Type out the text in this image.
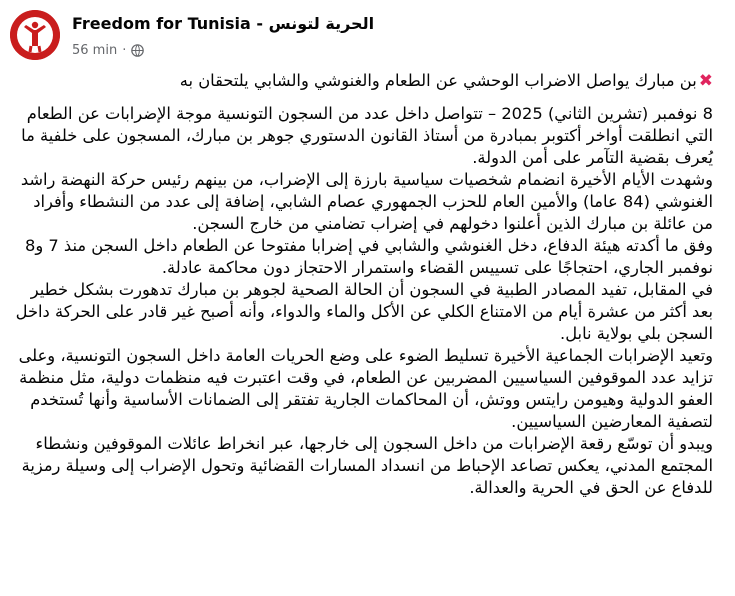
Freedom for Tunisia - الحرية لتونس
56 min ·

✖
بن مبارك يواصل الاضراب الوحشي عن الطعام والغنوشي والشابي يلتحقان به

8 نوفمبر (تشرين الثاني) 2025 – تتواصل داخل عدد من السجون التونسية موجة الإضرابات عن الطعام التي انطلقت أواخر أكتوبر بمبادرة من أستاذ القانون الدستوري جوهر بن مبارك، المسجون على خلفية ما يُعرف بقضية التآمر على أمن الدولة.

وشهدت الأيام الأخيرة انضمام شخصيات سياسية بارزة إلى الإضراب، من بينهم رئيس حركة النهضة راشد الغنوشي (84 عاما) والأمين العام للحزب الجمهوري عصام الشابي، إضافة إلى عدد من النشطاء وأفراد من عائلة بن مبارك الذين أعلنوا دخولهم في إضراب تضامني من خارج السجن.

وفق ما أكدته هيئة الدفاع، دخل الغنوشي والشابي في إضرابا مفتوحا عن الطعام داخل السجن منذ 7 و8 نوفمبر الجاري، احتجاجًا على تسييس القضاء واستمرار الاحتجاز دون محاكمة عادلة.

في المقابل، تفيد المصادر الطبية في السجون أن الحالة الصحية لجوهر بن مبارك تدهورت بشكل خطير بعد أكثر من عشرة أيام من الامتناع الكلي عن الأكل والماء والدواء، وأنه أصبح غير قادر على الحركة داخل السجن بلي بولاية نابل.

وتعيد الإضرابات الجماعية الأخيرة تسليط الضوء على وضع الحريات العامة داخل السجون التونسية، وعلى تزايد عدد الموقوفين السياسيين المضربين عن الطعام، في وقت اعتبرت فيه منظمات دولية، مثل منظمة العفو الدولية وهيومن رايتس ووتش، أن المحاكمات الجارية تفتقر إلى الضمانات الأساسية وأنها تُستخدم لتصفية المعارضين السياسيين.

ويبدو أن توسّع رقعة الإضرابات من داخل السجون إلى خارجها، عبر انخراط عائلات الموقوفين ونشطاء المجتمع المدني، يعكس تصاعد الإحباط من انسداد المسارات القضائية وتحول الإضراب إلى وسيلة رمزية للدفاع عن الحق في الحرية والعدالة.
